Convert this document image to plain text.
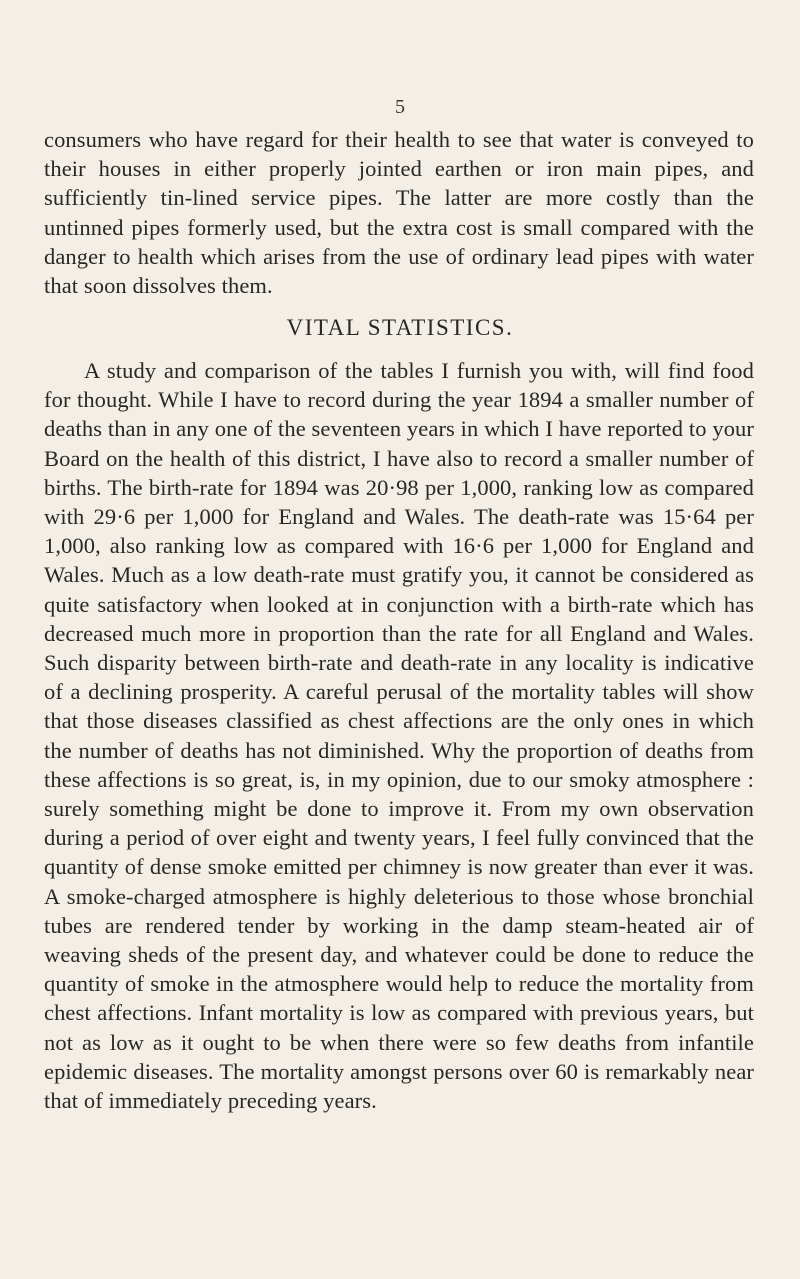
5

consumers who have regard for their health to see that water is conveyed to their houses in either properly jointed earthen or iron main pipes, and sufficiently tin-lined service pipes. The latter are more costly than the untinned pipes formerly used, but the extra cost is small compared with the danger to health which arises from the use of ordinary lead pipes with water that soon dissolves them.

VITAL STATISTICS.

A study and comparison of the tables I furnish you with, will find food for thought. While I have to record during the year 1894 a smaller number of deaths than in any one of the seventeen years in which I have reported to your Board on the health of this district, I have also to record a smaller number of births. The birth-rate for 1894 was 20·98 per 1,000, ranking low as compared with 29·6 per 1,000 for England and Wales. The death-rate was 15·64 per 1,000, also ranking low as compared with 16·6 per 1,000 for England and Wales. Much as a low death-rate must gratify you, it cannot be considered as quite satisfactory when looked at in conjunction with a birth-rate which has decreased much more in proportion than the rate for all England and Wales. Such disparity between birth-rate and death-rate in any locality is indicative of a declining prosperity. A careful perusal of the mortality tables will show that those diseases classified as chest affections are the only ones in which the number of deaths has not diminished. Why the proportion of deaths from these affections is so great, is, in my opinion, due to our smoky atmosphere : surely something might be done to improve it. From my own observation during a period of over eight and twenty years, I feel fully convinced that the quantity of dense smoke emitted per chimney is now greater than ever it was. A smoke-charged atmosphere is highly deleterious to those whose bronchial tubes are rendered tender by working in the damp steam-heated air of weaving sheds of the present day, and whatever could be done to reduce the quantity of smoke in the atmosphere would help to reduce the mortality from chest affections. Infant mortality is low as compared with previous years, but not as low as it ought to be when there were so few deaths from infantile epidemic diseases. The mortality amongst persons over 60 is remarkably near that of immediately preceding years.
